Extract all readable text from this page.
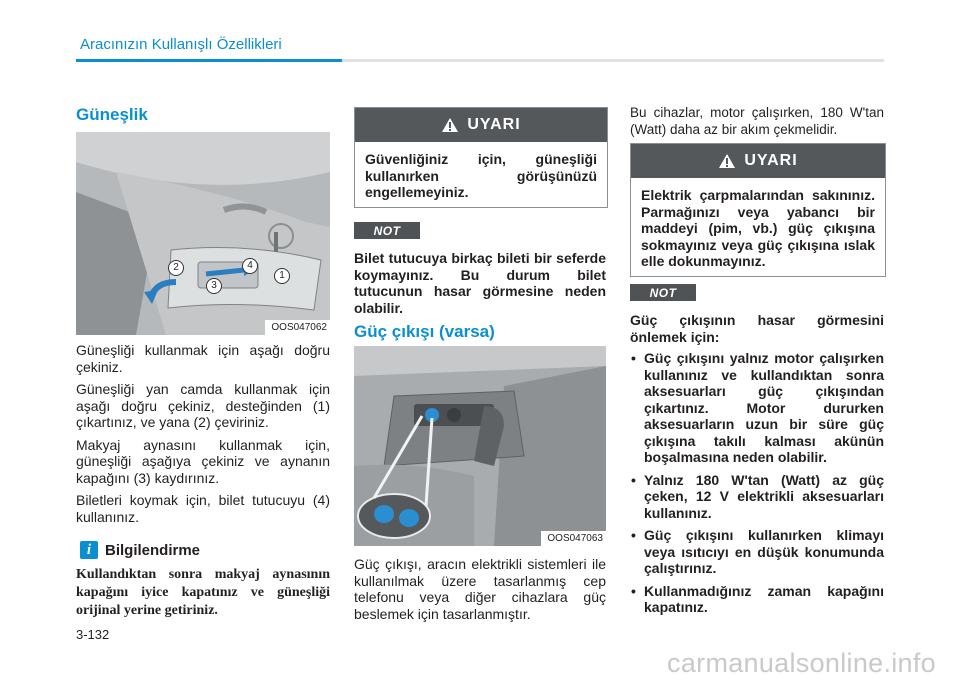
Aracınızın Kullanışlı Özellikleri
Güneşlik
2
3
4
1
OOS047062

Güneşliği kullanmak için aşağı doğru çekiniz.

Güneşliği yan camda kullanmak için aşağı doğru çekiniz, desteğinden (1) çıkartınız, ve yana (2) çeviriniz.

Makyaj aynasını kullanmak için, güneşliği aşağıya çekiniz ve aynanın kapağını (3) kaydırınız.

Biletleri koymak için, bilet tutucuyu (4) kullanınız.

i Bilgilendirme
Kullandıktan sonra makyaj aynasının kapağını iyice kapatınız ve güneşliği orijinal yerine getiriniz.
UYARI
Güvenliğiniz için, güneşliği kullanırken görüşünüzü engellemeyiniz.
NOT
Bilet tutucuya birkaç bileti bir seferde koymayınız. Bu durum bilet tutucunun hasar görmesine neden olabilir.
Güç çıkışı (varsa)
OOS047063
Güç çıkışı, aracın elektrikli sistemleri ile kullanılmak üzere tasarlanmış cep telefonu veya diğer cihazlara güç beslemek için tasarlanmıştır.
Bu cihazlar, motor çalışırken, 180 W'tan (Watt) daha az bir akım çekmelidir.
UYARI
Elektrik çarpmalarından sakınınız. Parmağınızı veya yabancı bir maddeyi (pim, vb.) güç çıkışına sokmayınız veya güç çıkışına ıslak elle dokunmayınız.
NOT
Güç çıkışının hasar görmesini önlemek için:
• Güç çıkışını yalnız motor çalışırken kullanınız ve kullandıktan sonra aksesuarları güç çıkışından çıkartınız. Motor dururken aksesuarların uzun bir süre güç çıkışına takılı kalması akünün boşalmasına neden olabilir.
• Yalnız 180 W'tan (Watt) az güç çeken, 12 V elektrikli aksesuarları kullanınız.
• Güç çıkışını kullanırken klimayı veya ısıtıcıyı en düşük konumunda çalıştırınız.
• Kullanmadığınız zaman kapağını kapatınız.
3-132
carmanualsonline.info
